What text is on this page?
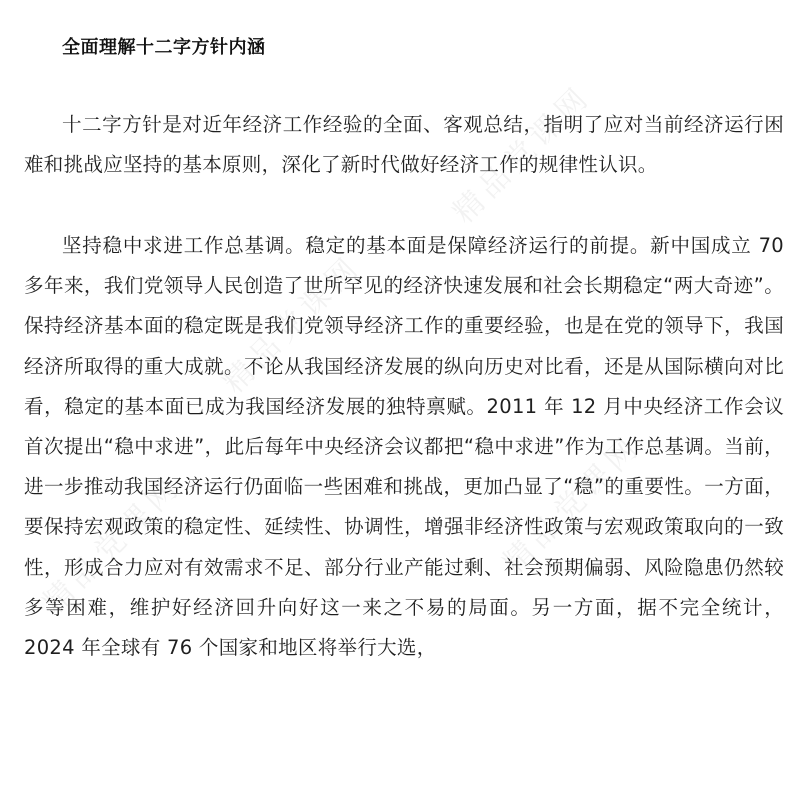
精品党课网
精品党课网
精品党课网
精品党课网
全面理解十二字方针内涵

十二字方针是对近年经济工作经验的全面、客观总结，指明了应对当前经济运行困难和挑战应坚持的基本原则，深化了新时代做好经济工作的规律性认识。

坚持稳中求进工作总基调。稳定的基本面是保障经济运行的前提。新中国成立 70 多年来，我们党领导人民创造了世所罕见的经济快速发展和社会长期稳定“两大奇迹”。保持经济基本面的稳定既是我们党领导经济工作的重要经验，也是在党的领导下，我国经济所取得的重大成就。不论从我国经济发展的纵向历史对比看，还是从国际横向对比看，稳定的基本面已成为我国经济发展的独特禀赋。2011 年 12 月中央经济工作会议首次提出“稳中求进”，此后每年中央经济会议都把“稳中求进”作为工作总基调。当前，进一步推动我国经济运行仍面临一些困难和挑战，更加凸显了“稳”的重要性。一方面，要保持宏观政策的稳定性、延续性、协调性，增强非经济性政策与宏观政策取向的一致性，形成合力应对有效需求不足、部分行业产能过剩、社会预期偏弱、风险隐患仍然较多等困难，维护好经济回升向好这一来之不易的局面。另一方面，据不完全统计，2024 年全球有 76 个国家和地区将举行大选，
